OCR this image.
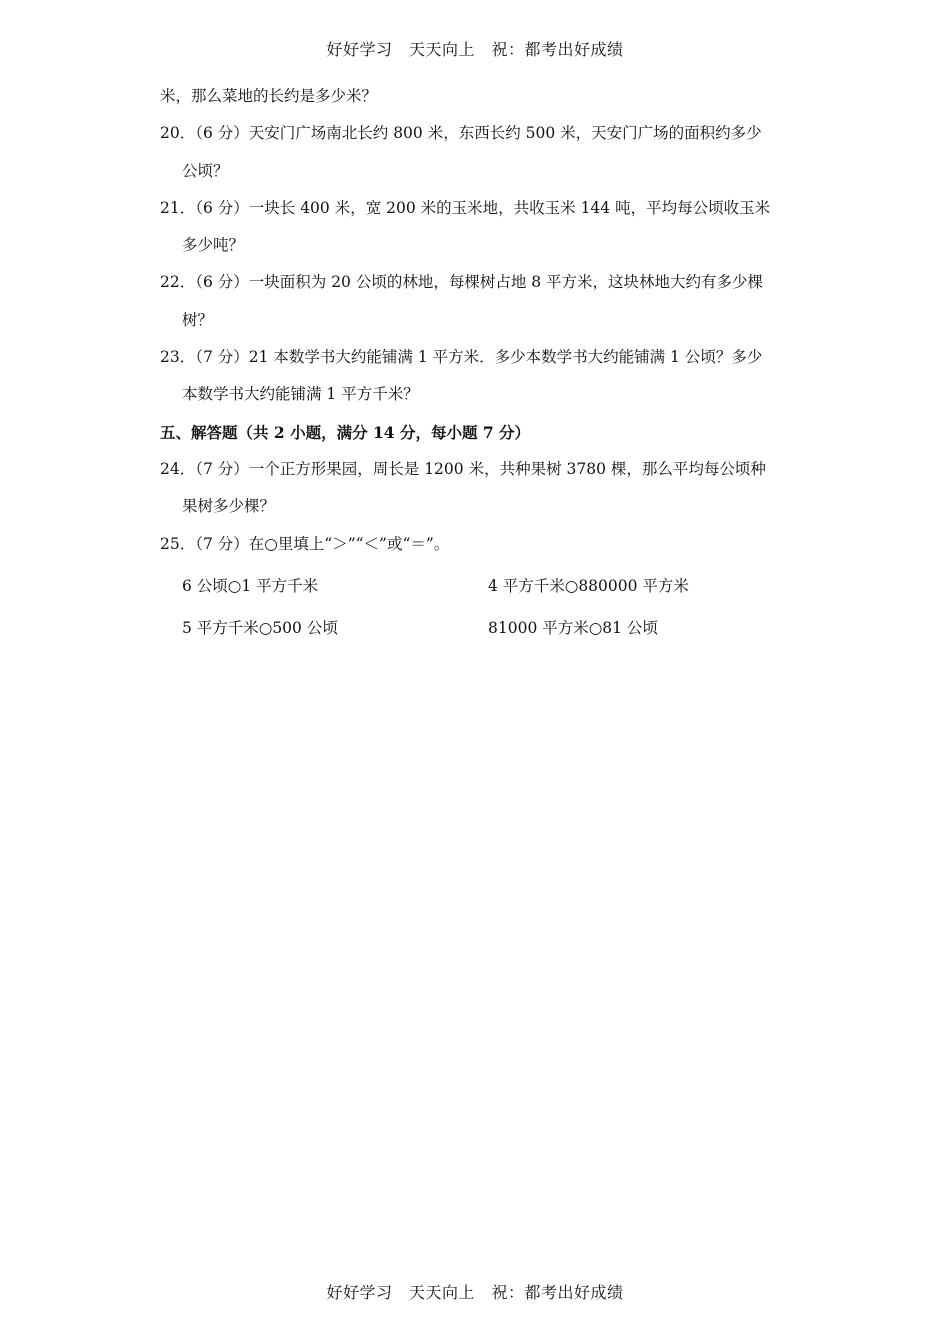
好好学习　天天向上　祝：都考出好成绩
米，那么菜地的长约是多少米？
20．（6 分）天安门广场南北长约 800 米，东西长约 500 米，天安门广场的面积约多少
公顷？
21．（6 分）一块长 400 米，宽 200 米的玉米地，共收玉米 144 吨，平均每公顷收玉米
多少吨？
22．（6 分）一块面积为 20 公顷的林地，每棵树占地 8 平方米，这块林地大约有多少棵
树？
23．（7 分）21 本数学书大约能铺满 1 平方米．多少本数学书大约能铺满 1 公顷？多少
本数学书大约能铺满 1 平方千米？
五、解答题（共 2 小题，满分 14 分，每小题 7 分）
24．（7 分）一个正方形果园，周长是 1200 米，共种果树 3780 棵，那么平均每公顷种
果树多少棵？
25．（7 分）在○里填上“＞”“＜”或“＝”。
6 公顷○1 平方千米	4 平方千米○880000 平方米
5 平方千米○500 公顷	81000 平方米○81 公顷
好好学习　天天向上　祝：都考出好成绩
